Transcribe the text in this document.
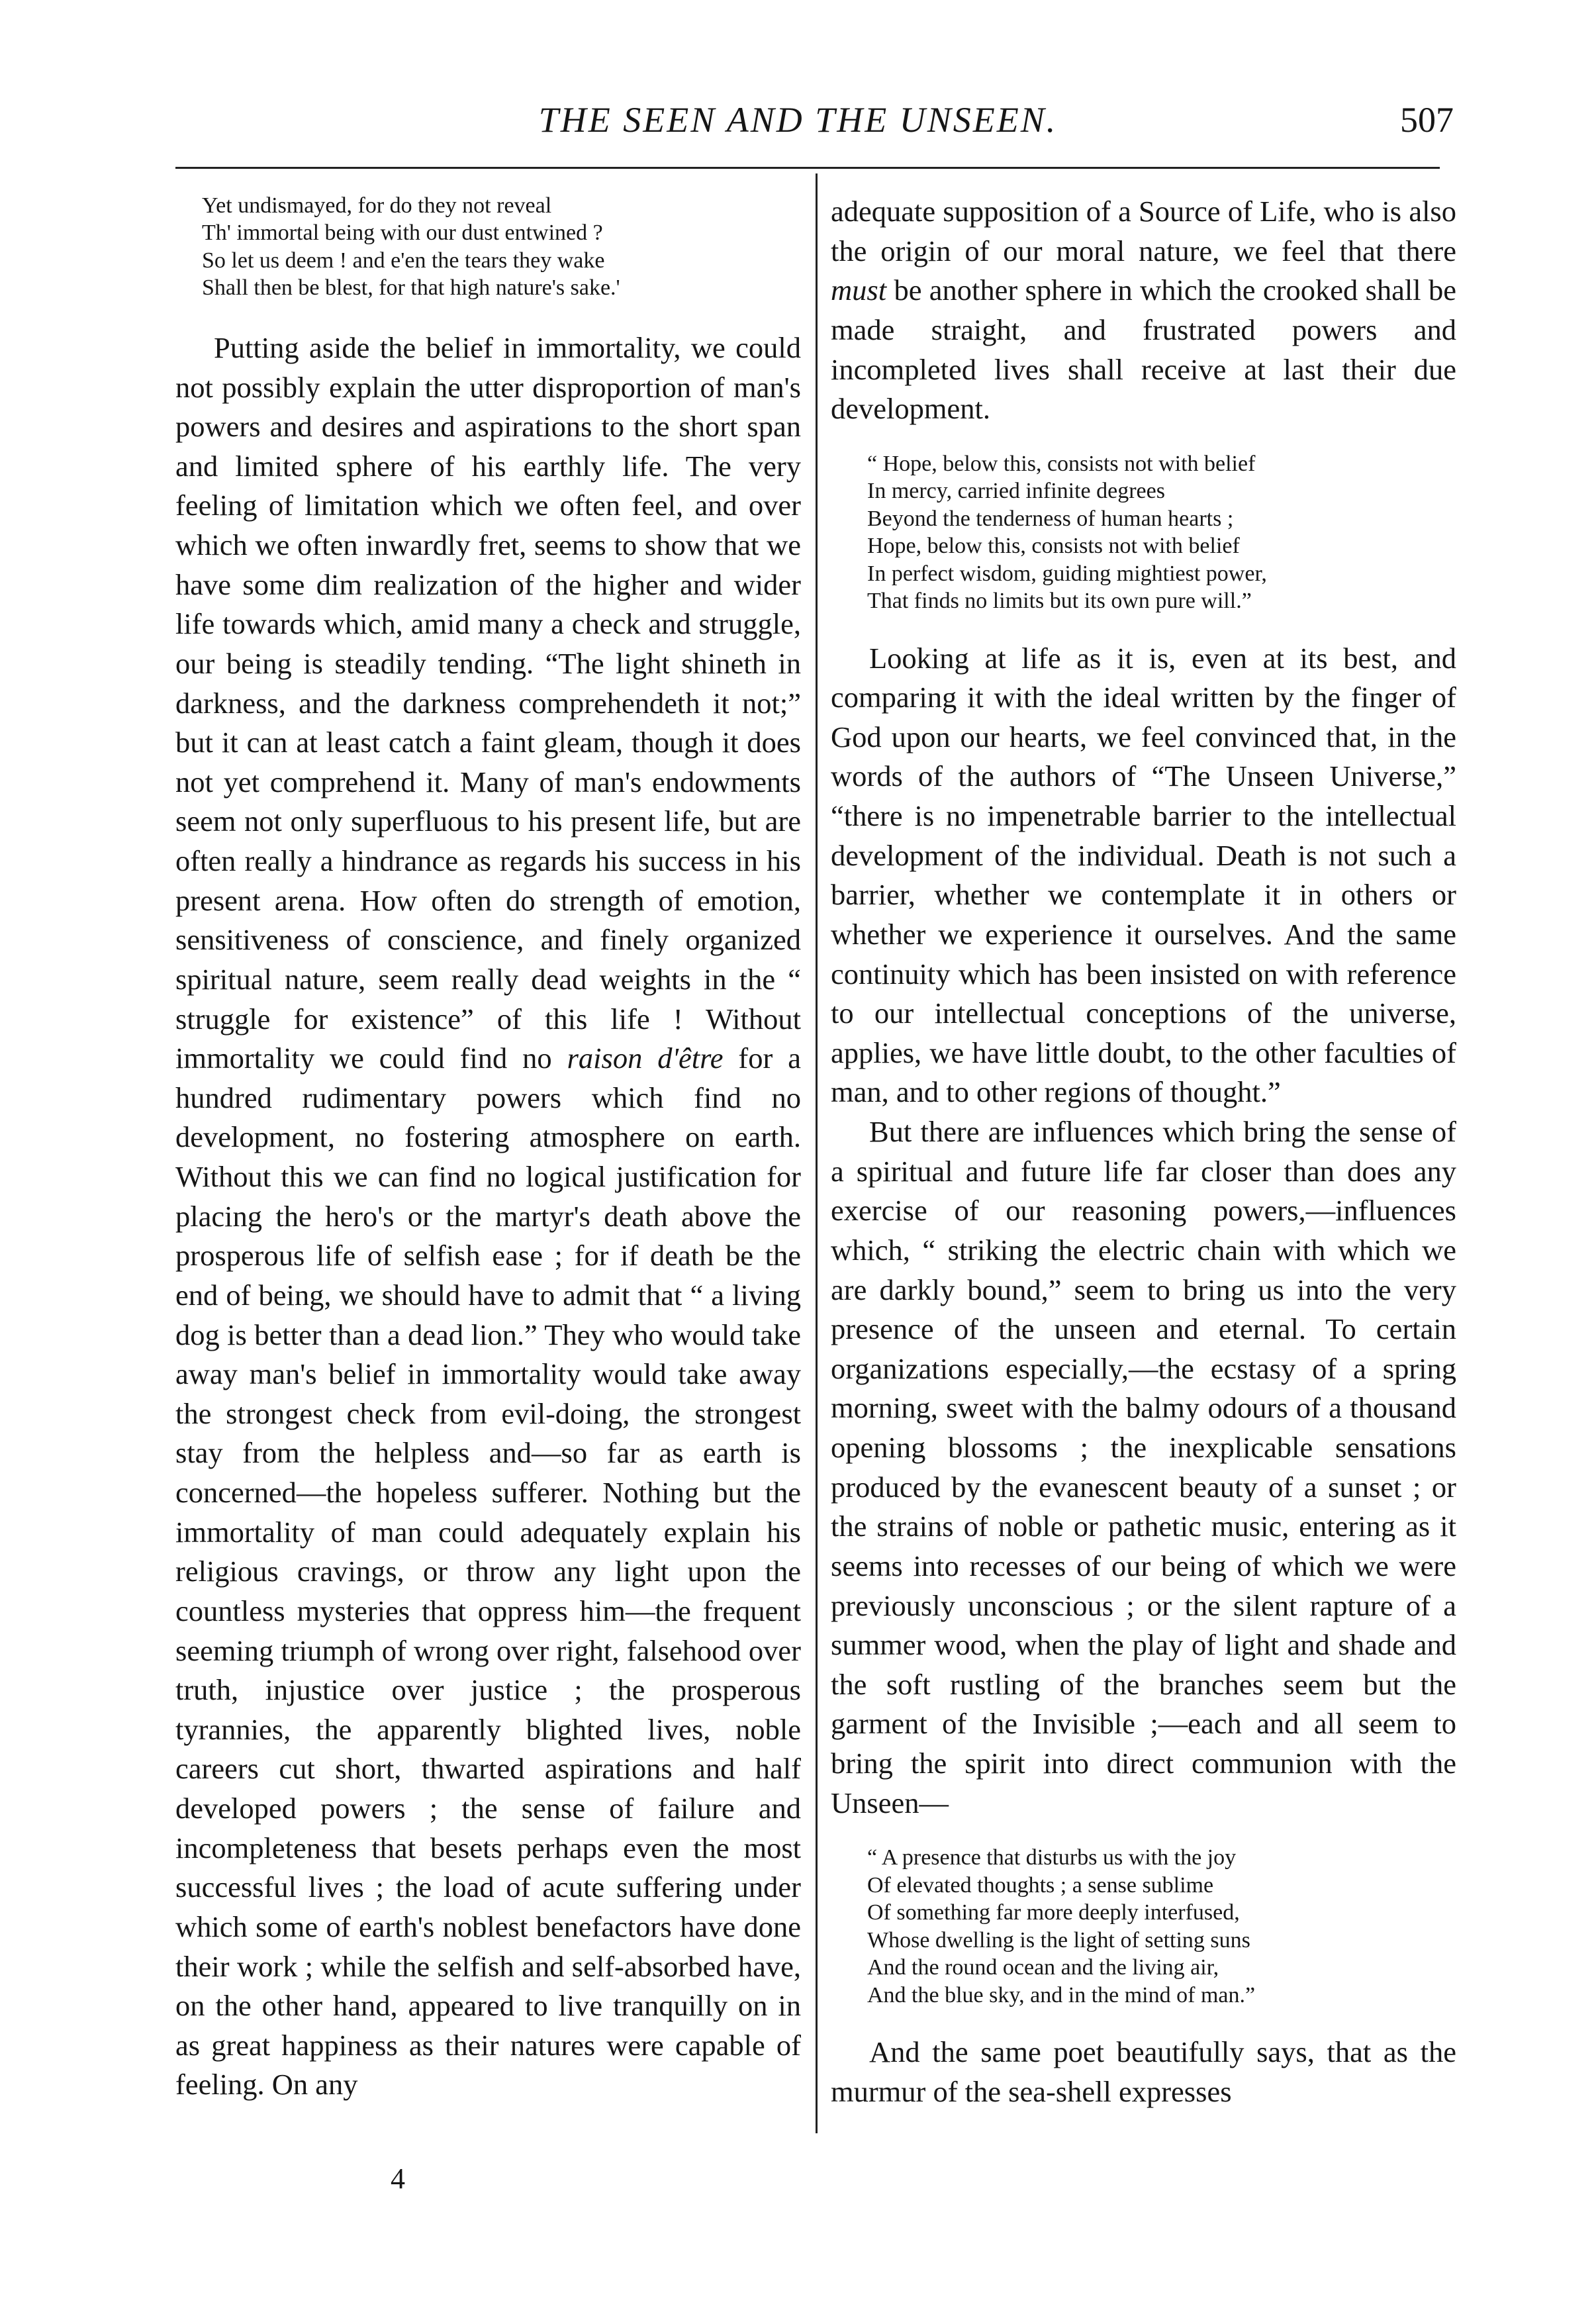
THE SEEN AND THE UNSEEN.	507
Yet undismayed, for do they not reveal
Th' immortal being with our dust entwined ?
So let us deem ! and e'en the tears they wake
Shall then be blest, for that high nature's sake.'

Putting aside the belief in immortality, we could not possibly explain the utter disproportion of man's powers and desires and aspirations to the short span and limited sphere of his earthly life. The very feeling of limitation which we often feel, and over which we often inwardly fret, seems to show that we have some dim realization of the higher and wider life towards which, amid many a check and struggle, our being is steadily tending. “The light shineth in darkness, and the darkness comprehendeth it not;” but it can at least catch a faint gleam, though it does not yet comprehend it. Many of man's endowments seem not only superfluous to his present life, but are often really a hindrance as regards his success in his present arena. How often do strength of emotion, sensitiveness of conscience, and finely organized spiritual nature, seem really dead weights in the “ struggle for existence” of this life ! Without immortality we could find no raison d'être for a hundred rudimentary powers which find no development, no fostering atmosphere on earth. Without this we can find no logical justification for placing the hero's or the martyr's death above the prosperous life of selfish ease ; for if death be the end of being, we should have to admit that “ a living dog is better than a dead lion.” They who would take away man's belief in immortality would take away the strongest check from evil-doing, the strongest stay from the helpless and—so far as earth is concerned—the hopeless sufferer. Nothing but the immortality of man could adequately explain his religious cravings, or throw any light upon the countless mysteries that oppress him—the frequent seeming triumph of wrong over right, falsehood over truth, injustice over justice ; the prosperous tyrannies, the apparently blighted lives, noble careers cut short, thwarted aspirations and half developed powers ; the sense of failure and incompleteness that besets perhaps even the most successful lives ; the load of acute suffering under which some of earth's noblest benefactors have done their work ; while the selfish and self-absorbed have, on the other hand, appeared to live tranquilly on in as great happiness as their natures were capable of feeling. On any

adequate supposition of a Source of Life, who is also the origin of our moral nature, we feel that there must be another sphere in which the crooked shall be made straight, and frustrated powers and incompleted lives shall receive at last their due development.

“ Hope, below this, consists not with belief
In mercy, carried infinite degrees
Beyond the tenderness of human hearts ;
Hope, below this, consists not with belief
In perfect wisdom, guiding mightiest power,
That finds no limits but its own pure will.”

Looking at life as it is, even at its best, and comparing it with the ideal written by the finger of God upon our hearts, we feel convinced that, in the words of the authors of “The Unseen Universe,” “there is no impenetrable barrier to the intellectual development of the individual. Death is not such a barrier, whether we contemplate it in others or whether we experience it ourselves. And the same continuity which has been insisted on with reference to our intellectual conceptions of the universe, applies, we have little doubt, to the other faculties of man, and to other regions of thought.”

But there are influences which bring the sense of a spiritual and future life far closer than does any exercise of our reasoning powers,—influences which, “ striking the electric chain with which we are darkly bound,” seem to bring us into the very presence of the unseen and eternal. To certain organizations especially,—the ecstasy of a spring morning, sweet with the balmy odours of a thousand opening blossoms ; the inexplicable sensations produced by the evanescent beauty of a sunset ; or the strains of noble or pathetic music, entering as it seems into recesses of our being of which we were previously unconscious ; or the silent rapture of a summer wood, when the play of light and shade and the soft rustling of the branches seem but the garment of the Invisible ;—each and all seem to bring the spirit into direct communion with the Unseen—

“ A presence that disturbs us with the joy
Of elevated thoughts ; a sense sublime
Of something far more deeply interfused,
Whose dwelling is the light of setting suns
And the round ocean and the living air,
And the blue sky, and in the mind of man.”

And the same poet beautifully says, that as the murmur of the sea-shell expresses

4
